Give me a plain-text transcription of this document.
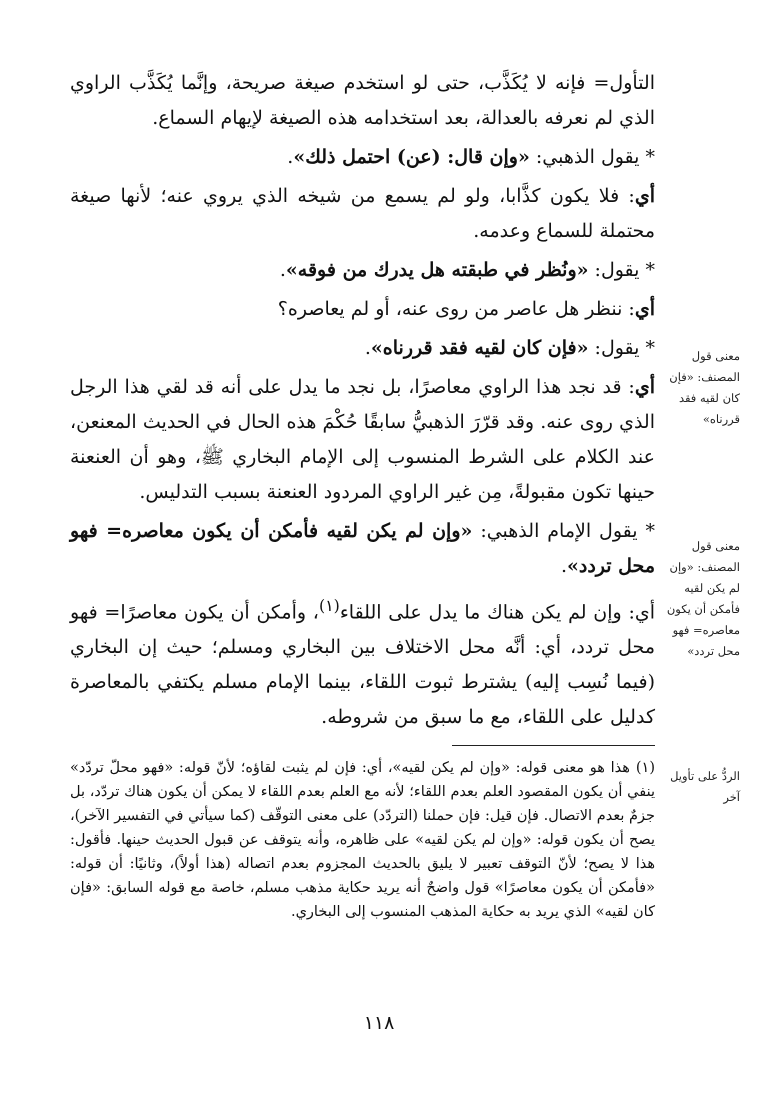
التأول= فإنه لا يُكَذَّب، حتى لو استخدم صيغة صريحة، وإنَّما يُكَذَّب الراوي الذي لم نعرفه بالعدالة، بعد استخدامه هذه الصيغة لإيهام السماع.

* يقول الذهبي: «وإن قال: (عن) احتمل ذلك».

أي: فلا يكون كذَّابا، ولو لم يسمع من شيخه الذي يروي عنه؛ لأنها صيغة محتملة للسماع وعدمه.

* يقول: «ونُظر في طبقته هل يدرك من فوقه».

أي: ننظر هل عاصر من روى عنه، أو لم يعاصره؟

* يقول: «فإن كان لقيه فقد قررناه».

أي: قد نجد هذا الراوي معاصرًا، بل نجد ما يدل على أنه قد لقي هذا الرجل الذي روى عنه. وقد قرّرَ الذهبيُّ سابقًا حُكْمَ هذه الحال في الحديث المعنعن، عند الكلام على الشرط المنسوب إلى الإمام البخاري ﷺ، وهو أن العنعنة حينها تكون مقبولةً، مِن غير الراوي المردود العنعنة بسبب التدليس.

* يقول الإمام الذهبي: «وإن لم يكن لقيه فأمكن أن يكون معاصره= فهو محل تردد».

أي: وإن لم يكن هناك ما يدل على اللقاء$^{(١)}$، وأمكن أن يكون معاصرًا= فهو محل تردد، أي: أنَّه محل الاختلاف بين البخاري ومسلم؛ حيث إن البخاري (فيما نُسِب إليه) يشترط ثبوت اللقاء، بينما الإمام مسلم يكتفي بالمعاصرة كدليل على اللقاء، مع ما سبق من شروطه.

معنى قول المصنف: «فإن كان لقيه فقد قررناه»
معنى قول المصنف: «وإن لم يكن لقيه فأمكن أن يكون معاصره= فهو محل تردد»
الردُّ على تأويل آخر
(١)هذا هو معنى قوله: «وإن لم يكن لقيه»، أي: فإن لم يثبت لقاؤه؛ لأنّ قوله: «فهو محلّ تردّد» ينفي أن يكون المقصود العلم بعدم اللقاء؛ لأنه مع العلم بعدم اللقاء لا يمكن أن يكون هناك تردّد، بل جزمٌ بعدم الاتصال. فإن قيل: فإن حملنا (التردّد) على معنى التوقّف (كما سيأتي في التفسير الآخر)، يصح أن يكون قوله: «وإن لم يكن لقيه» على ظاهره، وأنه يتوقف عن قبول الحديث حينها. فأقول: هذا لا يصح؛ لأنّ التوقف تعبير لا يليق بالحديث المجزوم بعدم اتصاله (هذا أولاً)، وثانيًا: أن قوله: «فأمكن أن يكون معاصرًا» قول واضحٌ أنه يريد حكاية مذهب مسلم، خاصة مع قوله السابق: «فإن كان لقيه» الذي يريد به حكاية المذهب المنسوب إلى البخاري.
١١٨
